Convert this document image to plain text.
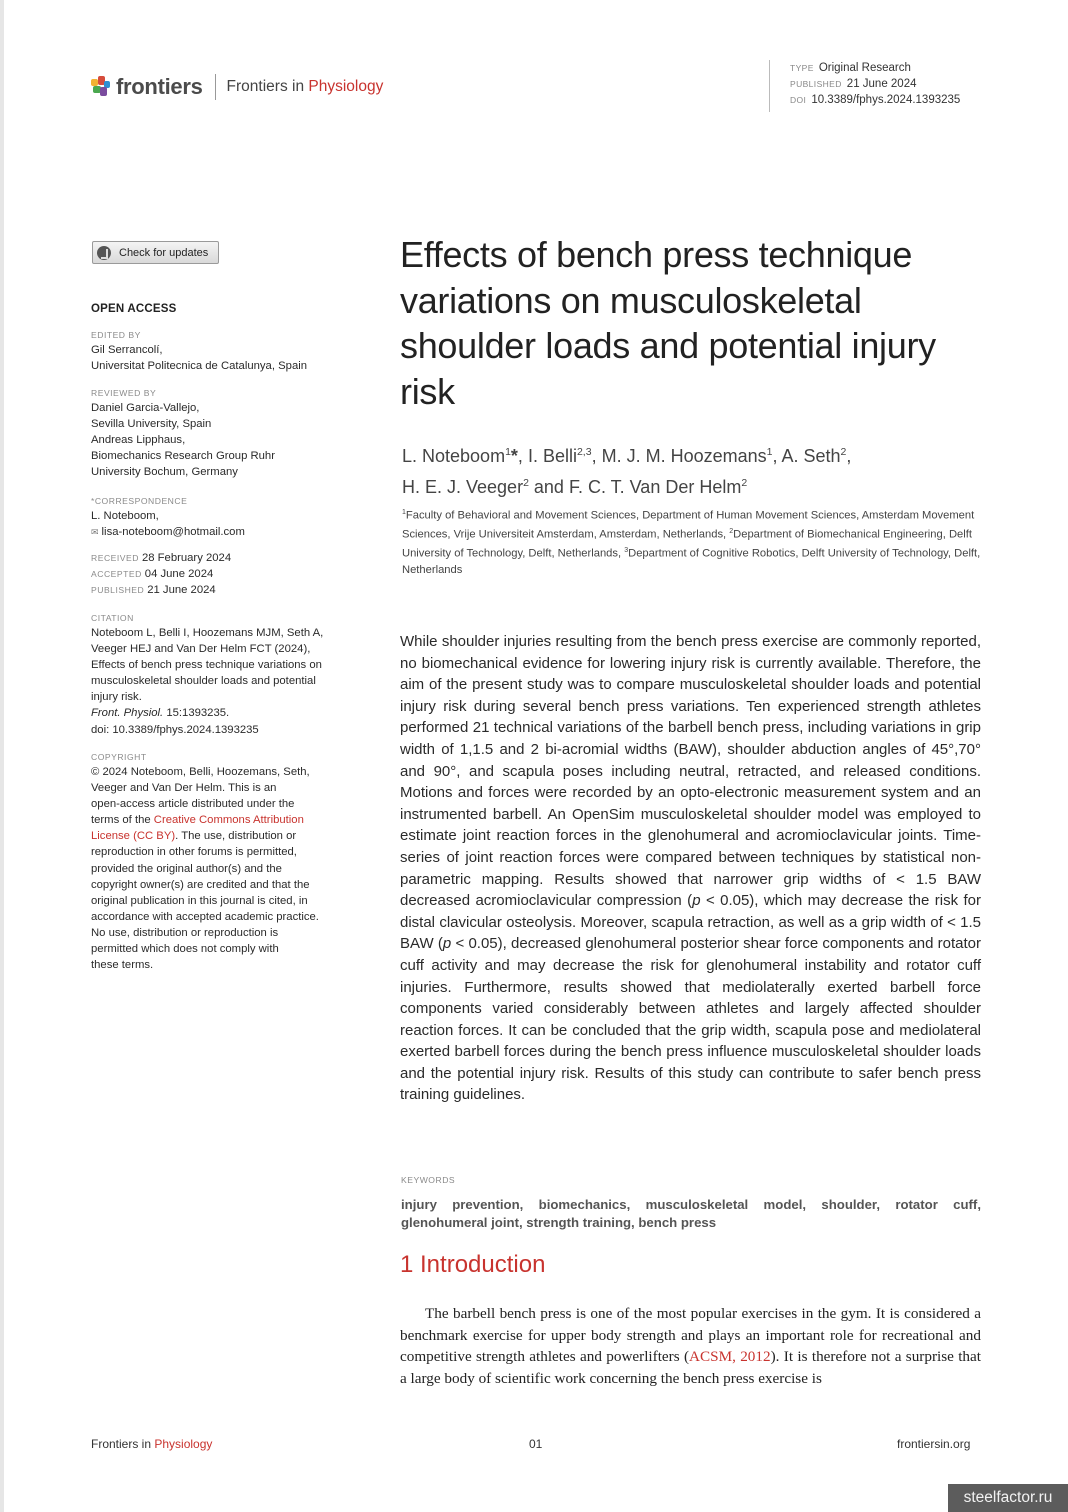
frontiers Frontiers in Physiology
TYPE Original Research
PUBLISHED 21 June 2024
DOI 10.3389/fphys.2024.1393235
Check for updates
OPEN ACCESS
EDITED BY
Gil Serrancolí,
Universitat Politecnica de Catalunya, Spain
REVIEWED BY
Daniel Garcia-Vallejo,
Sevilla University, Spain
Andreas Lipphaus,
Biomechanics Research Group Ruhr
University Bochum, Germany
*CORRESPONDENCE
L. Noteboom,
✉ lisa-noteboom@hotmail.com
RECEIVED 28 February 2024
ACCEPTED 04 June 2024
PUBLISHED 21 June 2024
CITATION
Noteboom L, Belli I, Hoozemans MJM, Seth A,
Veeger HEJ and Van Der Helm FCT (2024),
Effects of bench press technique variations on
musculoskeletal shoulder loads and potential
injury risk.
Front. Physiol. 15:1393235.
doi: 10.3389/fphys.2024.1393235
COPYRIGHT
© 2024 Noteboom, Belli, Hoozemans, Seth,
Veeger and Van Der Helm. This is an
open-access article distributed under the
terms of the Creative Commons Attribution
License (CC BY). The use, distribution or
reproduction in other forums is permitted,
provided the original author(s) and the
copyright owner(s) are credited and that the
original publication in this journal is cited, in
accordance with accepted academic practice.
No use, distribution or reproduction is
permitted which does not comply with
these terms.
Effects of bench press technique variations on musculoskeletal shoulder loads and potential injury risk
L. Noteboom$^1$*, I. Belli$^{2,3}$, M. J. M. Hoozemans$^1$, A. Seth$^2$,
H. E. J. Veeger$^2$ and F. C. T. Van Der Helm$^2$
$^1$Faculty of Behavioral and Movement Sciences, Department of Human Movement Sciences, Amsterdam Movement Sciences, Vrije Universiteit Amsterdam, Amsterdam, Netherlands, $^2$Department of Biomechanical Engineering, Delft University of Technology, Delft, Netherlands, $^3$Department of Cognitive Robotics, Delft University of Technology, Delft, Netherlands

While shoulder injuries resulting from the bench press exercise are commonly reported, no biomechanical evidence for lowering injury risk is currently available. Therefore, the aim of the present study was to compare musculoskeletal shoulder loads and potential injury risk during several bench press variations. Ten experienced strength athletes performed 21 technical variations of the barbell bench press, including variations in grip width of 1,1.5 and 2 bi-acromial widths (BAW), shoulder abduction angles of 45°,70° and 90°, and scapula poses including neutral, retracted, and released conditions. Motions and forces were recorded by an opto-electronic measurement system and an instrumented barbell. An OpenSim musculoskeletal shoulder model was employed to estimate joint reaction forces in the glenohumeral and acromioclavicular joints. Time-series of joint reaction forces were compared between techniques by statistical non-parametric mapping. Results showed that narrower grip widths of < 1.5 BAW decreased acromioclavicular compression (p < 0.05), which may decrease the risk for distal clavicular osteolysis. Moreover, scapula retraction, as well as a grip width of < 1.5 BAW (p < 0.05), decreased glenohumeral posterior shear force components and rotator cuff activity and may decrease the risk for glenohumeral instability and rotator cuff injuries. Furthermore, results showed that mediolaterally exerted barbell force components varied considerably between athletes and largely affected shoulder reaction forces. It can be concluded that the grip width, scapula pose and mediolateral exerted barbell forces during the bench press influence musculoskeletal shoulder loads and the potential injury risk. Results of this study can contribute to safer bench press training guidelines.

KEYWORDS
injury prevention, biomechanics, musculoskeletal model, shoulder, rotator cuff, glenohumeral joint, strength training, bench press
1 Introduction

The barbell bench press is one of the most popular exercises in the gym. It is considered a benchmark exercise for upper body strength and plays an important role for recreational and competitive strength athletes and powerlifters (ACSM, 2012). It is therefore not a surprise that a large body of scientific work concerning the bench press exercise is

Frontiers in Physiology	01	frontiersin.org
steelfactor.ru
